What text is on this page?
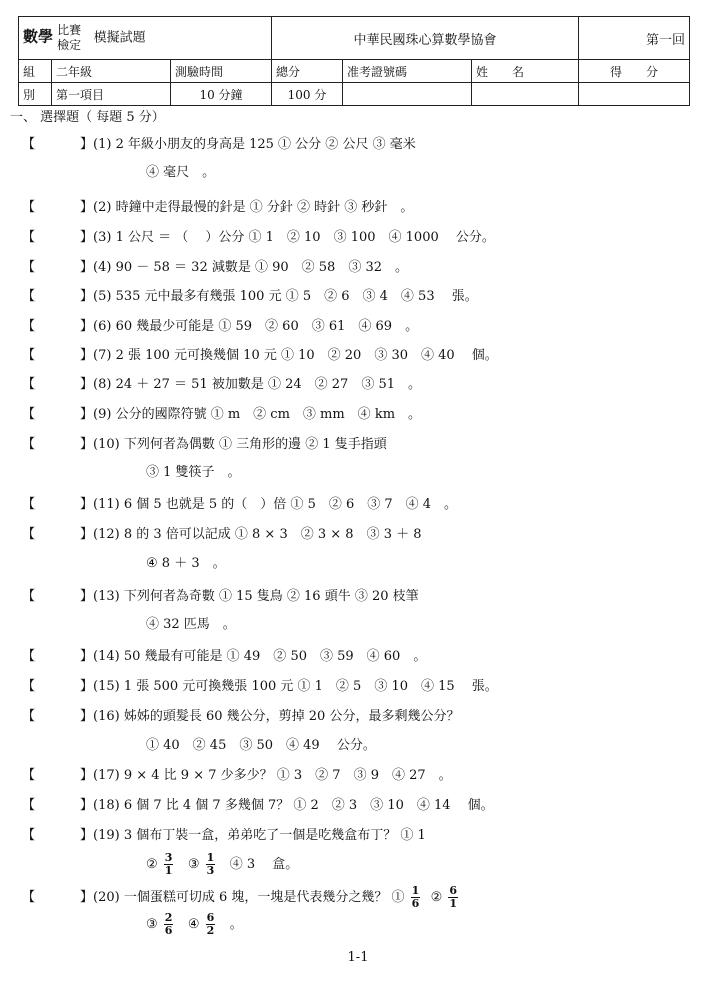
數學 比賽
檢定 模擬試題			中華民國珠心算數學協會			第一回
組	二年級	測驗時間	總分	准考證號碼	姓　　名	得　　分
別	第一項目	10 分鐘	100 分			
一、 選擇題（ 每題 5 分）
【	】(1) 2 年級小朋友的身高是 125 ① 公分 ② 公尺 ③ 毫米
④ 毫尺　。
【	】(2) 時鐘中走得最慢的針是 ① 分針 ② 時針 ③ 秒針　。
【	】(3) 1 公尺 ＝ （　 ）公分 ① 1　② 10　③ 100　④ 1000　 公分。
【	】(4) 90 － 58 ＝ 32 減數是 ① 90　② 58　③ 32　。
【	】(5) 535 元中最多有幾張 100 元 ① 5　② 6　③ 4　④ 53　 張。
【	】(6) 60 幾最少可能是 ① 59　② 60　③ 61　④ 69　。
【	】(7) 2 張 100 元可換幾個 10 元 ① 10　② 20　③ 30　④ 40　 個。
【	】(8) 24 ＋ 27 ＝ 51 被加數是 ① 24　② 27　③ 51　。
【	】(9) 公分的國際符號 ① m　② cm　③ mm　④ km　。
【	】(10) 下列何者為偶數 ① 三角形的邊 ② 1 隻手指頭
③ 1 雙筷子　。
【	】(11) 6 個 5 也就是 5 的（　）倍 ① 5　② 6　③ 7　④ 4　。
【	】(12) 8 的 3 倍可以記成 ① 8 × 3　② 3 × 8　③ 3 ＋ 8
④ 8 ＋ 3　。
【	】(13) 下列何者為奇數 ① 15 隻鳥 ② 16 頭牛 ③ 20 枝筆
④ 32 匹馬　。
【	】(14) 50 幾最有可能是 ① 49　② 50　③ 59　④ 60　。
【	】(15) 1 張 500 元可換幾張 100 元 ① 1　② 5　③ 10　④ 15　 張。
【	】(16) 姊姊的頭髮長 60 幾公分，剪掉 20 公分，最多剩幾公分？
① 40　② 45　③ 50　④ 49　 公分。
【	】(17) 9 × 4 比 9 × 7 少多少？ ① 3　② 7　③ 9　④ 27　。
【	】(18) 6 個 7 比 4 個 7 多幾個 7？ ① 2　② 3　③ 10　④ 14　 個。
【	】(19) 3 個布丁裝一盒，弟弟吃了一個是吃幾盒布丁？ ① 1
② $\frac{3}{1}$ ③ $\frac{1}{3}$ ④ 3　 盒。
【	】(20) 一個蛋糕可切成 6 塊，一塊是代表幾分之幾？ ① $\frac{1}{6}$ ② $\frac{6}{1}$
③ $\frac{2}{6}$ ④ $\frac{6}{2}$ 。
1-1
